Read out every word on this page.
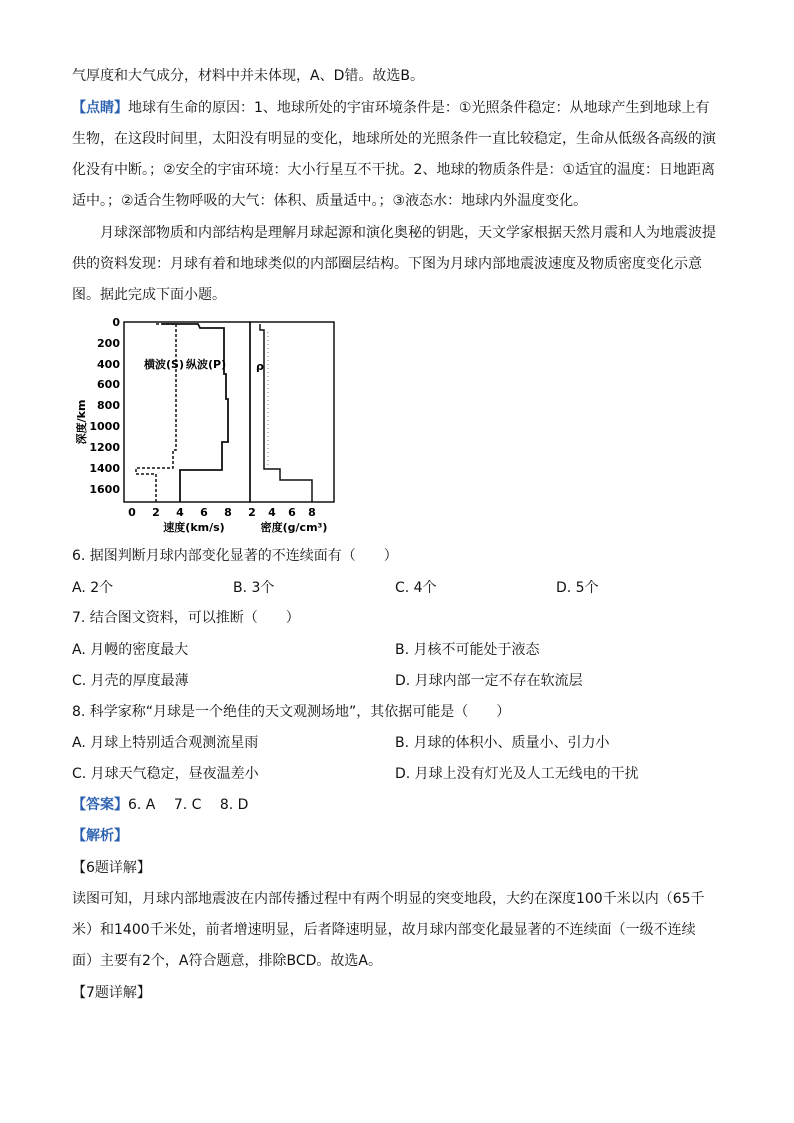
气厚度和大气成分，材料中并未体现，A、D错。故选B。
【点睛】地球有生命的原因：1、地球所处的宇宙环境条件是：①光照条件稳定：从地球产生到地球上有
生物，在这段时间里，太阳没有明显的变化，地球所处的光照条件一直比较稳定，生命从低级各高级的演
化没有中断。；②安全的宇宙环境：大小行星互不干扰。2、地球的物质条件是：①适宜的温度：日地距离
适中。；②适合生物呼吸的大气：体积、质量适中。；③液态水：地球内外温度变化。
月球深部物质和内部结构是理解月球起源和演化奥秘的钥匙，天文学家根据天然月震和人为地震波提
供的资料发现：月球有着和地球类似的内部圈层结构。下图为月球内部地震波速度及物质密度变化示意
图。据此完成下面小题。
0
200
400
600
800
1000
1200
1400
1600
深度/km
0 2 4 6 8 2 4 6 8
速度(km/s)	密度(g/cm³)
横波(S) 纵波(P)	ρ
6. 据图判断月球内部变化显著的不连续面有（　　）
A. 2个	B. 3个	C. 4个	D. 5个
7. 结合图文资料，可以推断（　　）
A. 月幔的密度最大	B. 月核不可能处于液态
C. 月壳的厚度最薄	D. 月球内部一定不存在软流层
8. 科学家称“月球是一个绝佳的天文观测场地”，其依据可能是（　　）
A. 月球上特别适合观测流星雨	B. 月球的体积小、质量小、引力小
C. 月球天气稳定，昼夜温差小	D. 月球上没有灯光及人工无线电的干扰
【答案】6. A　 7. C　 8. D
【解析】
【6题详解】
读图可知，月球内部地震波在内部传播过程中有两个明显的突变地段，大约在深度100千米以内（65千
米）和1400千米处，前者增速明显，后者降速明显，故月球内部变化最显著的不连续面（一级不连续
面）主要有2个，A符合题意，排除BCD。故选A。
【7题详解】
